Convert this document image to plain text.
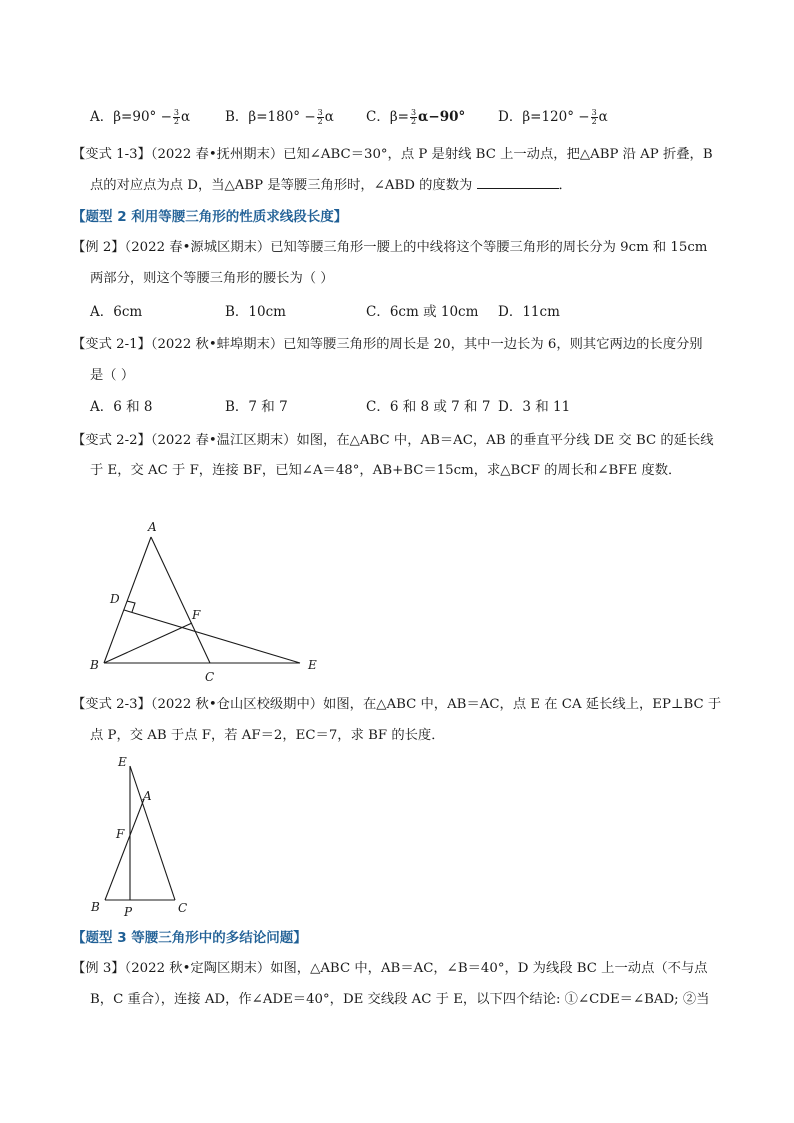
A．$\beta=90^\circ - \frac{3}{2}$ α	B．$\beta=180^\circ - \frac{3}{2}$ α C．$\beta= \frac{3}{2} \alpha-90^\circ$ D．$\beta=120^\circ - \frac{3}{2}$ α
【变式 1-3】（2022 春•抚州期末）已知∠ABC＝30°，点 P 是射线 BC 上一动点，把△ABP 沿 AP 折叠，B
点的对应点为点 D，当△ABP 是等腰三角形时，∠ABD 的度数为	．
【题型 2 利用等腰三角形的性质求线段长度】
【例 2】（2022 春•源城区期末）已知等腰三角形一腰上的中线将这个等腰三角形的周长分为 9cm 和 15cm
两部分，则这个等腰三角形的腰长为（ ）
A．6cm	B．10cm	C．6cm 或 10cm D．11cm
【变式 2-1】（2022 秋•蚌埠期末）已知等腰三角形的周长是 20，其中一边长为 6，则其它两边的长度分别
是（ ）
A．6 和 8	B．7 和 7	C．6 和 8 或 7 和 7 D．3 和 11
【变式 2-2】（2022 春•温江区期末）如图，在△ABC 中，AB＝AC，AB 的垂直平分线 DE 交 BC 的延长线
于 E，交 AC 于 F，连接 BF，已知∠A＝48°，AB+BC＝15cm，求△BCF 的周长和∠BFE 度数．
A
D
F
B
C
E
【变式 2-3】（2022 秋•仓山区校级期中）如图，在△ABC 中，AB＝AC，点 E 在 CA 延长线上，EP⊥BC 于
点 P，交 AB 于点 F，若 AF＝2，EC＝7，求 BF 的长度．
E
A
F
B P	C
【题型 3 等腰三角形中的多结论问题】
【例 3】（2022 秋•定陶区期末）如图，△ABC 中，AB＝AC，∠B＝40°，D 为线段 BC 上一动点（不与点
B，C 重合），连接 AD，作∠ADE＝40°，DE 交线段 AC 于 E，以下四个结论: ①∠CDE＝∠BAD; ②当
